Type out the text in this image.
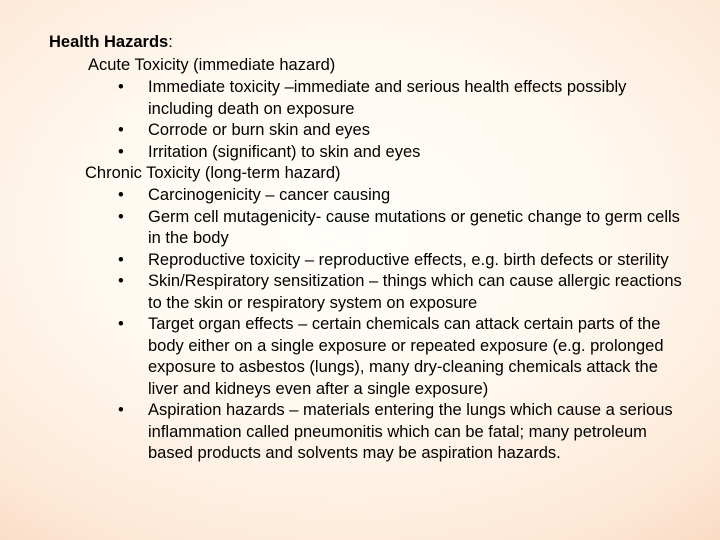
Health Hazards:
Acute Toxicity (immediate hazard)
• Immediate toxicity –immediate and serious health effects possibly including death on exposure
• Corrode or burn skin and eyes
• Irritation (significant) to skin and eyes
Chronic Toxicity (long-term hazard)
• Carcinogenicity – cancer causing
• Germ cell mutagenicity- cause mutations or genetic change to germ cells in the body
• Reproductive toxicity – reproductive effects, e.g. birth defects or sterility
• Skin/Respiratory sensitization – things which can cause allergic reactions to the skin or respiratory system on exposure
• Target organ effects – certain chemicals can attack certain parts of the body either on a single exposure or repeated exposure (e.g. prolonged exposure to asbestos (lungs), many dry-cleaning chemicals attack the liver and kidneys even after a single exposure)
• Aspiration hazards – materials entering the lungs which cause a serious inflammation called pneumonitis which can be fatal; many petroleum based products and solvents may be aspiration hazards.
